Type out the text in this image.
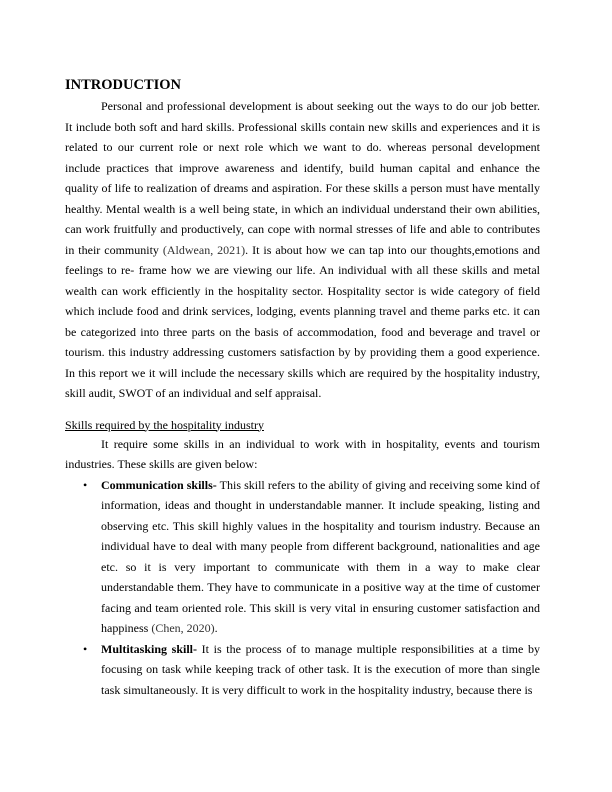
INTRODUCTION

Personal and professional development is about seeking out the ways to do our job better. It include both soft and hard skills. Professional skills contain new skills and experiences and it is related to our current role or next role which we want to do. whereas personal development include practices that improve awareness and identify, build human capital and enhance the quality of life to realization of dreams and aspiration. For these skills a person must have mentally healthy. Mental wealth is a well being state, in which an individual understand their own abilities, can work fruitfully and productively, can cope with normal stresses of life and able to contributes in their community (Aldwean, 2021). It is about how we can tap into our thoughts,emotions and feelings to re- frame how we are viewing our life. An individual with all these skills and metal wealth can work efficiently in the hospitality sector. Hospitality sector is wide category of field which include food and drink services, lodging, events planning travel and theme parks etc. it can be categorized into three parts on the basis of accommodation, food and beverage and travel or tourism. this industry addressing customers satisfaction by by providing them a good experience. In this report we it will include the necessary skills which are required by the hospitality industry, skill audit, SWOT of an individual and self appraisal.

Skills required by the hospitality industry

It require some skills in an individual to work with in hospitality, events and tourism industries. These skills are given below:

• Communication skills- This skill refers to the ability of giving and receiving some kind of information, ideas and thought in understandable manner. It include speaking, listing and observing etc. This skill highly values in the hospitality and tourism industry. Because an individual have to deal with many people from different background, nationalities and age etc. so it is very important to communicate with them in a way to make clear understandable them. They have to communicate in a positive way at the time of customer facing and team oriented role. This skill is very vital in ensuring customer satisfaction and happiness (Chen, 2020).
• Multitasking skill- It is the process of to manage multiple responsibilities at a time by focusing on task while keeping track of other task. It is the execution of more than single task simultaneously. It is very difficult to work in the hospitality industry, because there is
